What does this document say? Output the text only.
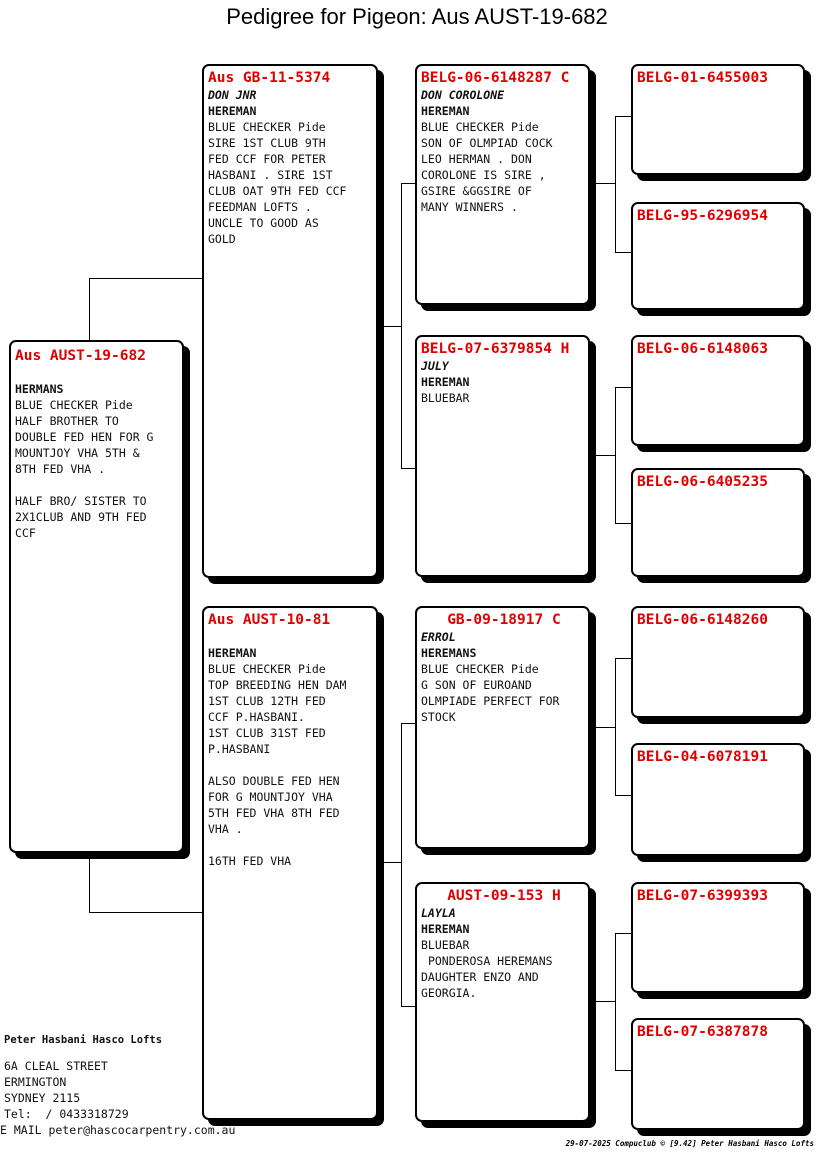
Pedigree for Pigeon: Aus AUST-19-682
Aus AUST-19-682
HERMANS
BLUE CHECKER Pide
HALF BROTHER TO
DOUBLE FED HEN FOR G
MOUNTJOY VHA 5TH &
8TH FED VHA .

HALF BRO/ SISTER TO
2X1CLUB AND 9TH FED
CCF
Aus GB-11-5374
DON JNR
HEREMAN
BLUE CHECKER Pide
SIRE 1ST CLUB 9TH
FED CCF FOR PETER
HASBANI . SIRE 1ST
CLUB OAT 9TH FED CCF
FEEDMAN LOFTS .
UNCLE TO GOOD AS
GOLD
Aus AUST-10-81
HEREMAN
BLUE CHECKER Pide
TOP BREEDING HEN DAM
1ST CLUB 12TH FED
CCF P.HASBANI.
1ST CLUB 31ST FED
P.HASBANI

ALSO DOUBLE FED HEN
FOR G MOUNTJOY VHA
5TH FED VHA 8TH FED
VHA .

16TH FED VHA
BELG-06-6148287 C
DON COROLONE
HEREMAN
BLUE CHECKER Pide
SON OF OLMPIAD COCK
LEO HERMAN . DON
COROLONE IS SIRE ,
GSIRE &GGSIRE OF
MANY WINNERS .
BELG-07-6379854 H
JULY
HEREMAN
BLUEBAR
GB-09-18917 C
ERROL
HEREMANS
BLUE CHECKER Pide
G SON OF EUROAND
OLMPIADE PERFECT FOR
STOCK
AUST-09-153 H
LAYLA
HEREMAN
BLUEBAR
PONDEROSA HEREMANS
DAUGHTER ENZO AND
GEORGIA.
BELG-01-6455003
BELG-95-6296954
BELG-06-6148063
BELG-06-6405235
BELG-06-6148260
BELG-04-6078191
BELG-07-6399393
BELG-07-6387878
Peter Hasbani Hasco Lofts
6A CLEAL STREET
ERMINGTON
SYDNEY 2115
Tel:  / 0433318729
E MAIL peter@hascocarpentry.com.au
29-07-2025 Compuclub © [9.42] Peter Hasbani Hasco Lofts
